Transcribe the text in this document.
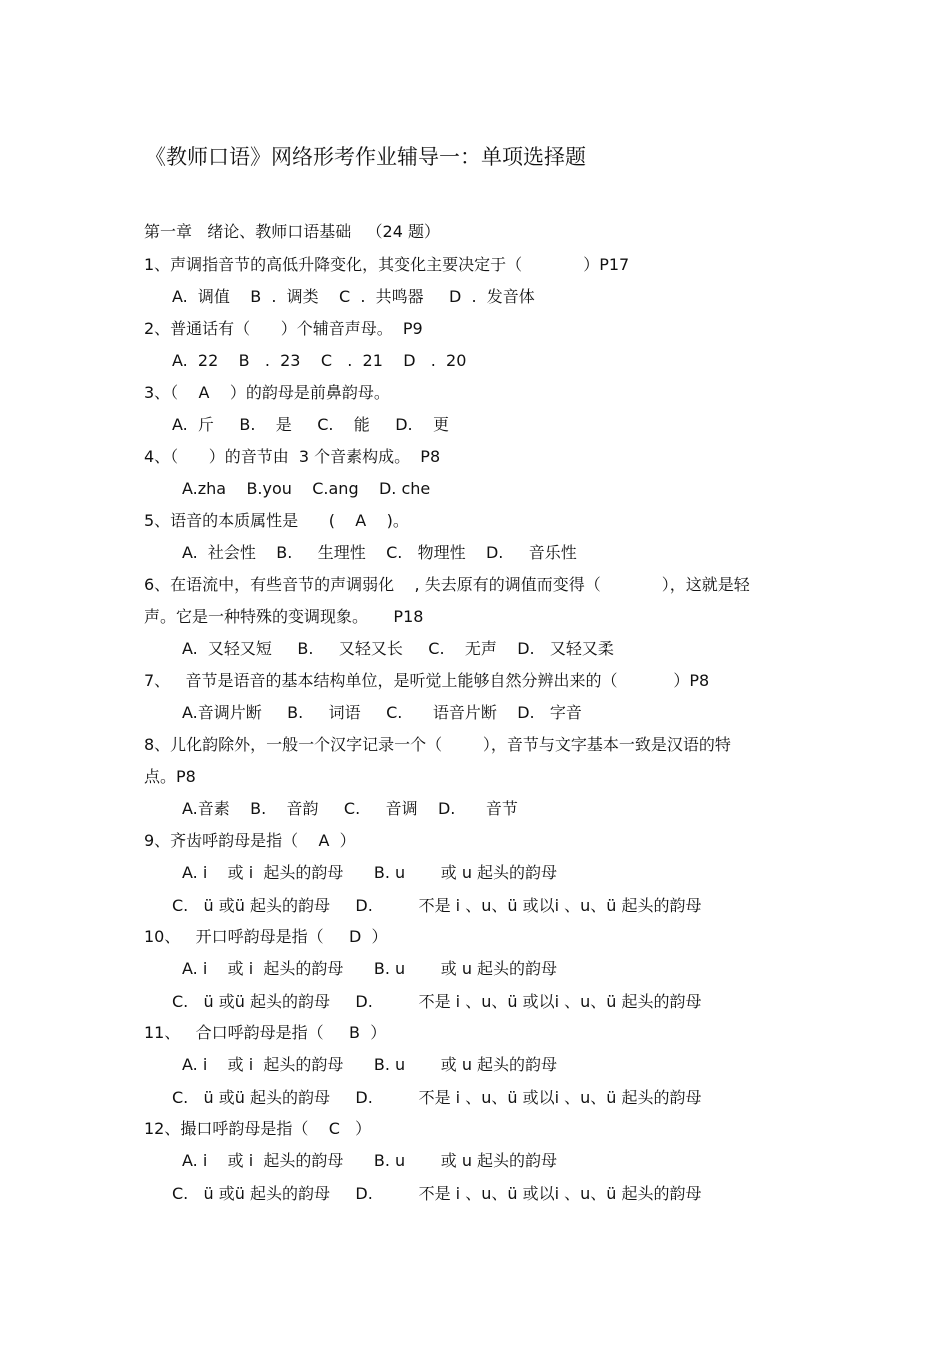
《教师口语》网络形考作业辅导一：单项选择题
第一章   绪论、教师口语基础   （24 题）
1、声调指音节的高低升降变化，其变化主要决定于（            ）P17
A.  调值    B  .  调类    C  .  共鸣器     D  .  发音体
2、普通话有（      ）个辅音声母。  P9
A.  22    B   .  23    C   .  21    D   .  20
3、（    A    ）的韵母是前鼻韵母。
A.  斤     B.    是     C.    能     D.    更
4、（      ）的音节由  3 个音素构成。  P8
A.zha    B.you    C.ang    D. che
5、语音的本质属性是      (    A    )。
A.  社会性    B.     生理性    C.   物理性    D.     音乐性
6、在语流中，有些音节的声调弱化    , 失去原有的调值而变得（            ），这就是轻
声。它是一种特殊的变调现象。     P18
A.  又轻又短     B.     又轻又长     C.    无声    D.   又轻又柔
7、   音节是语音的基本结构单位，是听觉上能够自然分辨出来的（           ）P8
A.音调片断     B.     词语     C.      语音片断    D.   字音
8、儿化韵除外，一般一个汉字记录一个（        ），音节与文字基本一致是汉语的特
点。P8
A.音素    B.    音韵     C.     音调    D.      音节
9、齐齿呼韵母是指（    A  ）
A. i    或 i  起头的韵母      B. u       或 u 起头的韵母
C.   ü 或ü 起头的韵母     D.         不是 i 、u、ü 或以i 、u、ü 起头的韵母
10、   开口呼韵母是指（     D  ）
A. i    或 i  起头的韵母      B. u       或 u 起头的韵母
C.   ü 或ü 起头的韵母     D.         不是 i 、u、ü 或以i 、u、ü 起头的韵母
11、   合口呼韵母是指（     B  ）
A. i    或 i  起头的韵母      B. u       或 u 起头的韵母
C.   ü 或ü 起头的韵母     D.         不是 i 、u、ü 或以i 、u、ü 起头的韵母
12、撮口呼韵母是指（    C   ）
A. i    或 i  起头的韵母      B. u       或 u 起头的韵母
C.   ü 或ü 起头的韵母     D.         不是 i 、u、ü 或以i 、u、ü 起头的韵母
